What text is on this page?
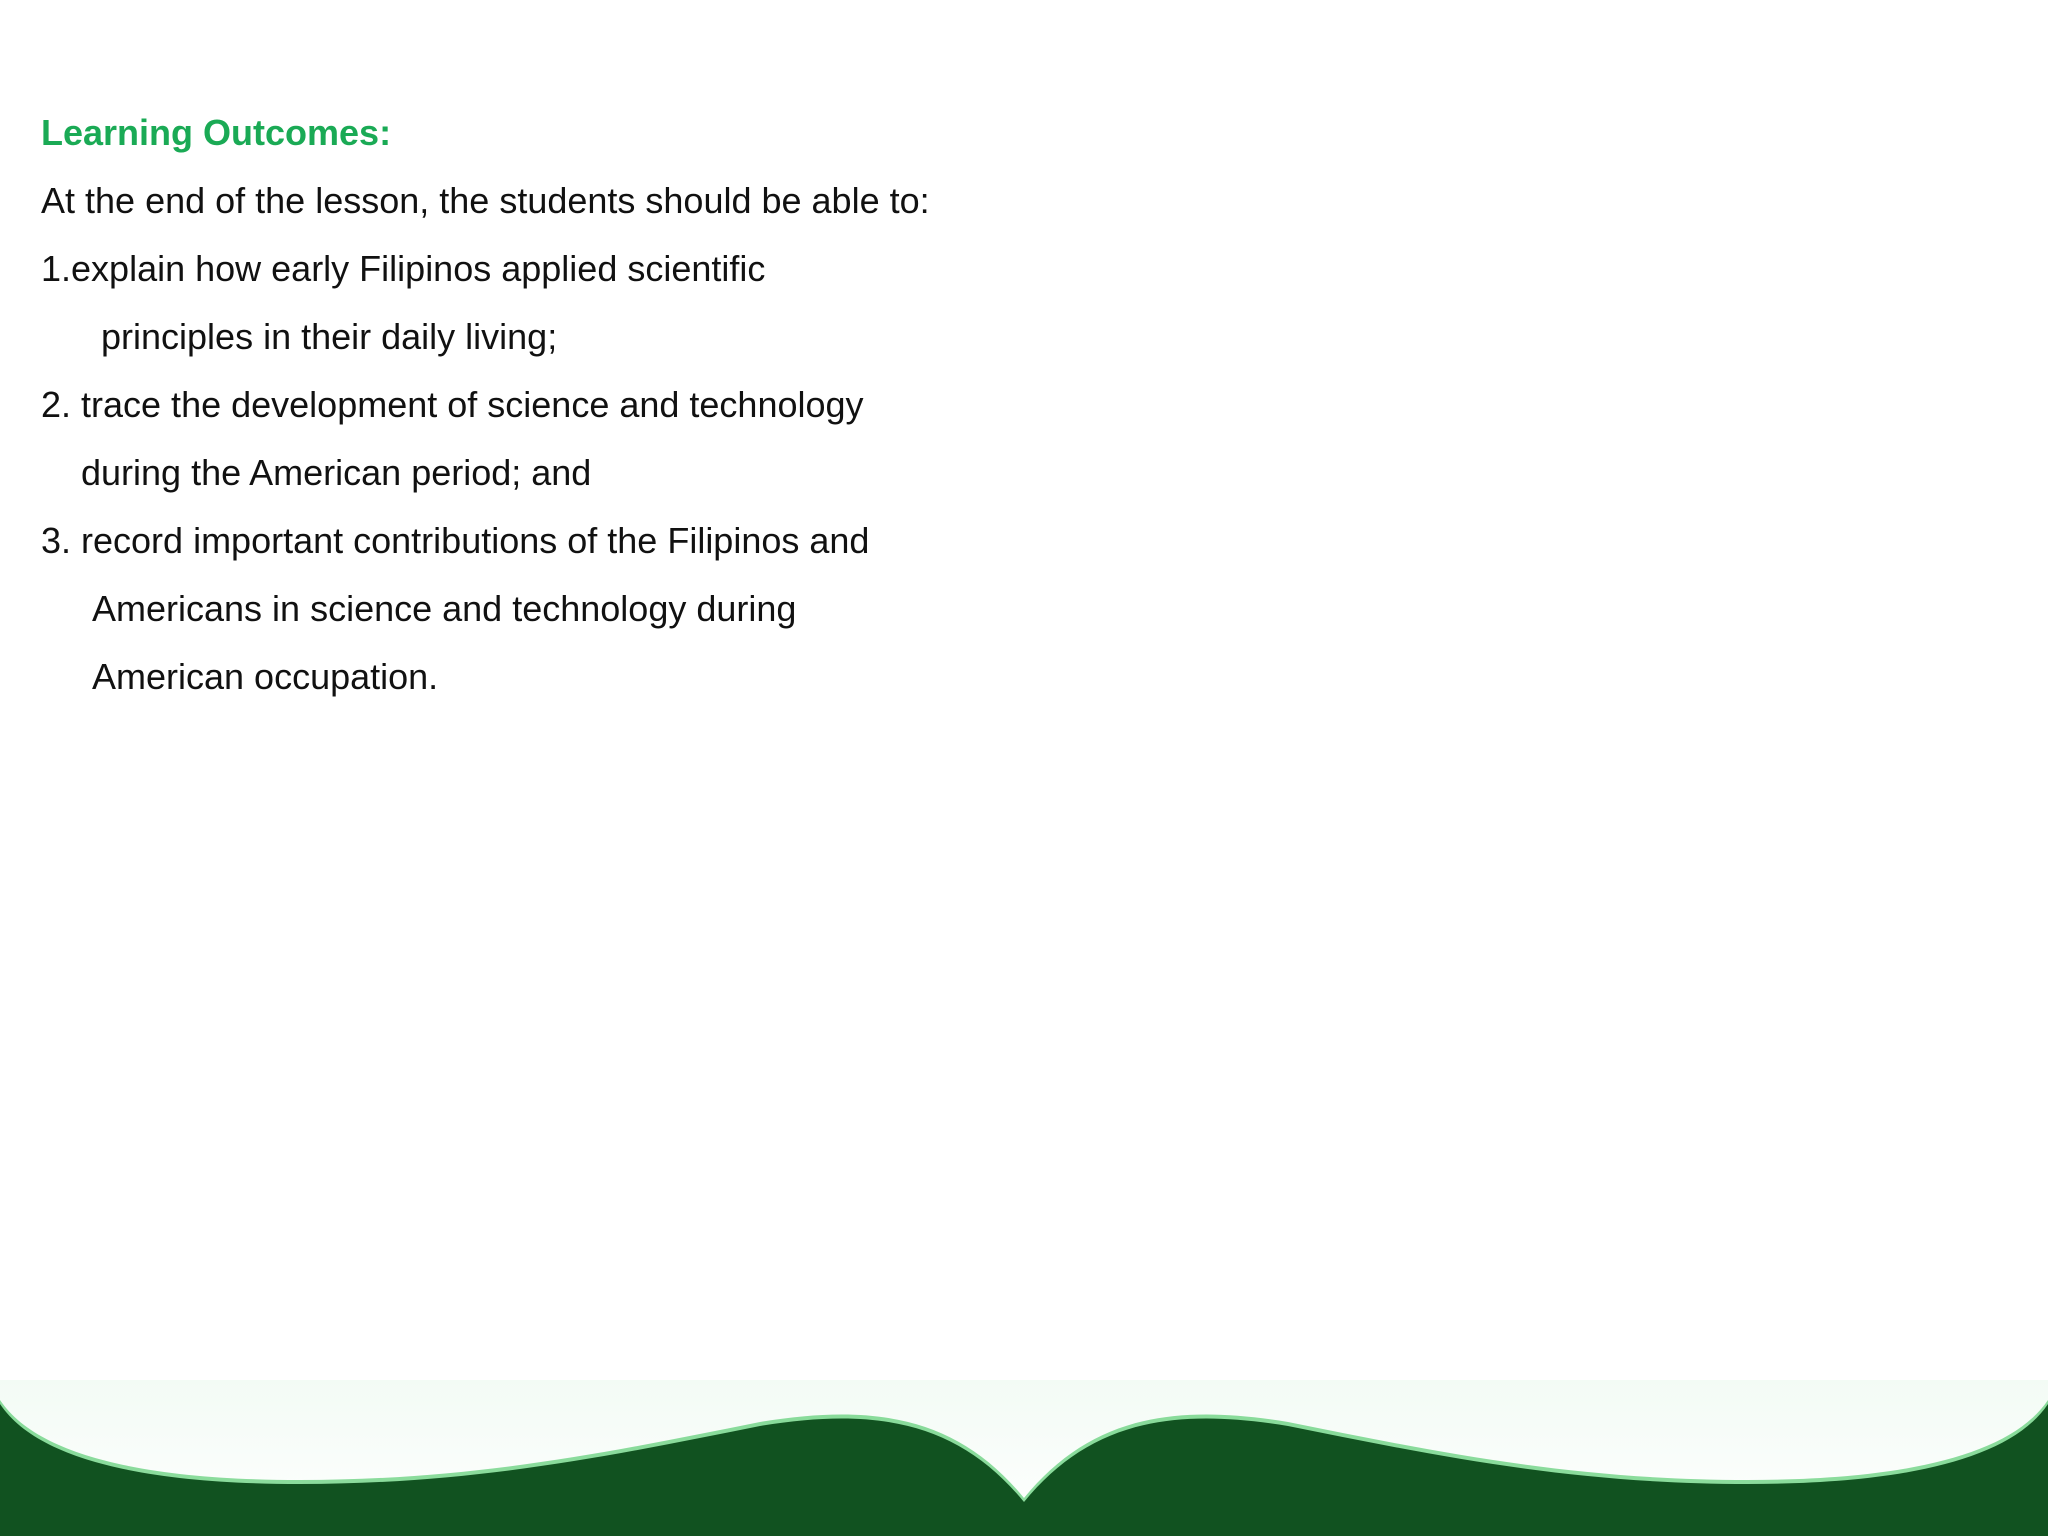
Learning Outcomes:
At the end of the lesson, the students should be able to:
1.explain how early Filipinos applied scientific
principles in their daily living;
2. trace the development of science and technology
during the American period; and
3. record important contributions of the Filipinos and
Americans in science and technology during
American occupation.
